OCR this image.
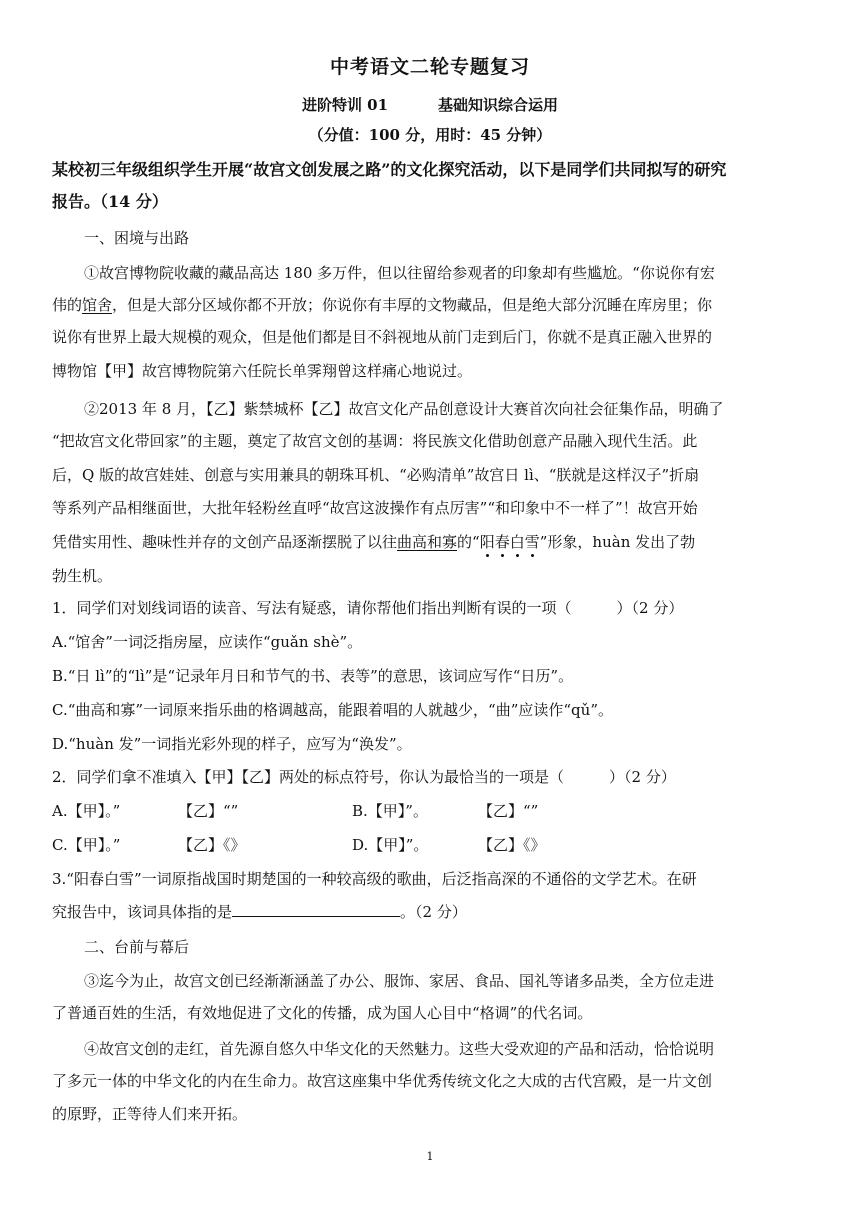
中考语文二轮专题复习
进阶特训 01	基础知识综合运用
（分值：100 分，用时：45 分钟）
某校初三年级组织学生开展“故宫文创发展之路”的文化探究活动，以下是同学们共同拟写的研究
报告。（14 分）
一、困境与出路
①故宫博物院收藏的藏品高达 180 多万件，但以往留给参观者的印象却有些尴尬。“你说你有宏
伟的馆舍，但是大部分区域你都不开放；你说你有丰厚的文物藏品，但是绝大部分沉睡在库房里；你
说你有世界上最大规模的观众，但是他们都是目不斜视地从前门走到后门，你就不是真正融入世界的
博物馆【甲】故宫博物院第六任院长单霁翔曾这样痛心地说过。
②2013 年 8 月，【乙】紫禁城杯【乙】故宫文化产品创意设计大赛首次向社会征集作品，明确了
“把故宫文化带回家”的主题，奠定了故宫文创的基调：将民族文化借助创意产品融入现代生活。此
后，Q 版的故宫娃娃、创意与实用兼具的朝珠耳机、“必购清单”故宫日 lì、“朕就是这样汉子”折扇
等系列产品相继面世，大批年轻粉丝直呼“故宫这波操作有点厉害”“和印象中不一样了”！故宫开始
凭借实用性、趣味性并存的文创产品逐渐摆脱了以往曲高和寡的“阳春白雪”形象，huàn 发出了勃
勃生机。
1．同学们对划线词语的读音、写法有疑惑，请你帮他们指出判断有误的一项（　　　）（2 分）
A.“馆舍”一词泛指房屋，应读作“guǎn shè”。
B.“日 lì”的“lì”是“记录年月日和节气的书、表等”的意思，该词应写作“日历”。
C.“曲高和寡”一词原来指乐曲的格调越高，能跟着唱的人就越少，“曲”应读作“qǔ”。
D.“huàn 发”一词指光彩外现的样子，应写为“涣发”。
2．同学们拿不准填入【甲】【乙】两处的标点符号，你认为最恰当的一项是（　　　）（2 分）
A.【甲】。”	【乙】“”	B.【甲】”。	【乙】“”
C.【甲】。”	【乙】《》	D.【甲】”。	【乙】《》
3.“阳春白雪”一词原指战国时期楚国的一种较高级的歌曲，后泛指高深的不通俗的文学艺术。在研
究报告中，该词具体指的是	。（2 分）
二、台前与幕后
③迄今为止，故宫文创已经渐渐涵盖了办公、服饰、家居、食品、国礼等诸多品类，全方位走进
了普通百姓的生活，有效地促进了文化的传播，成为国人心目中“格调”的代名词。
④故宫文创的走红，首先源自悠久中华文化的天然魅力。这些大受欢迎的产品和活动，恰恰说明
了多元一体的中华文化的内在生命力。故宫这座集中华优秀传统文化之大成的古代宫殿，是一片文创
的原野，正等待人们来开拓。
1
